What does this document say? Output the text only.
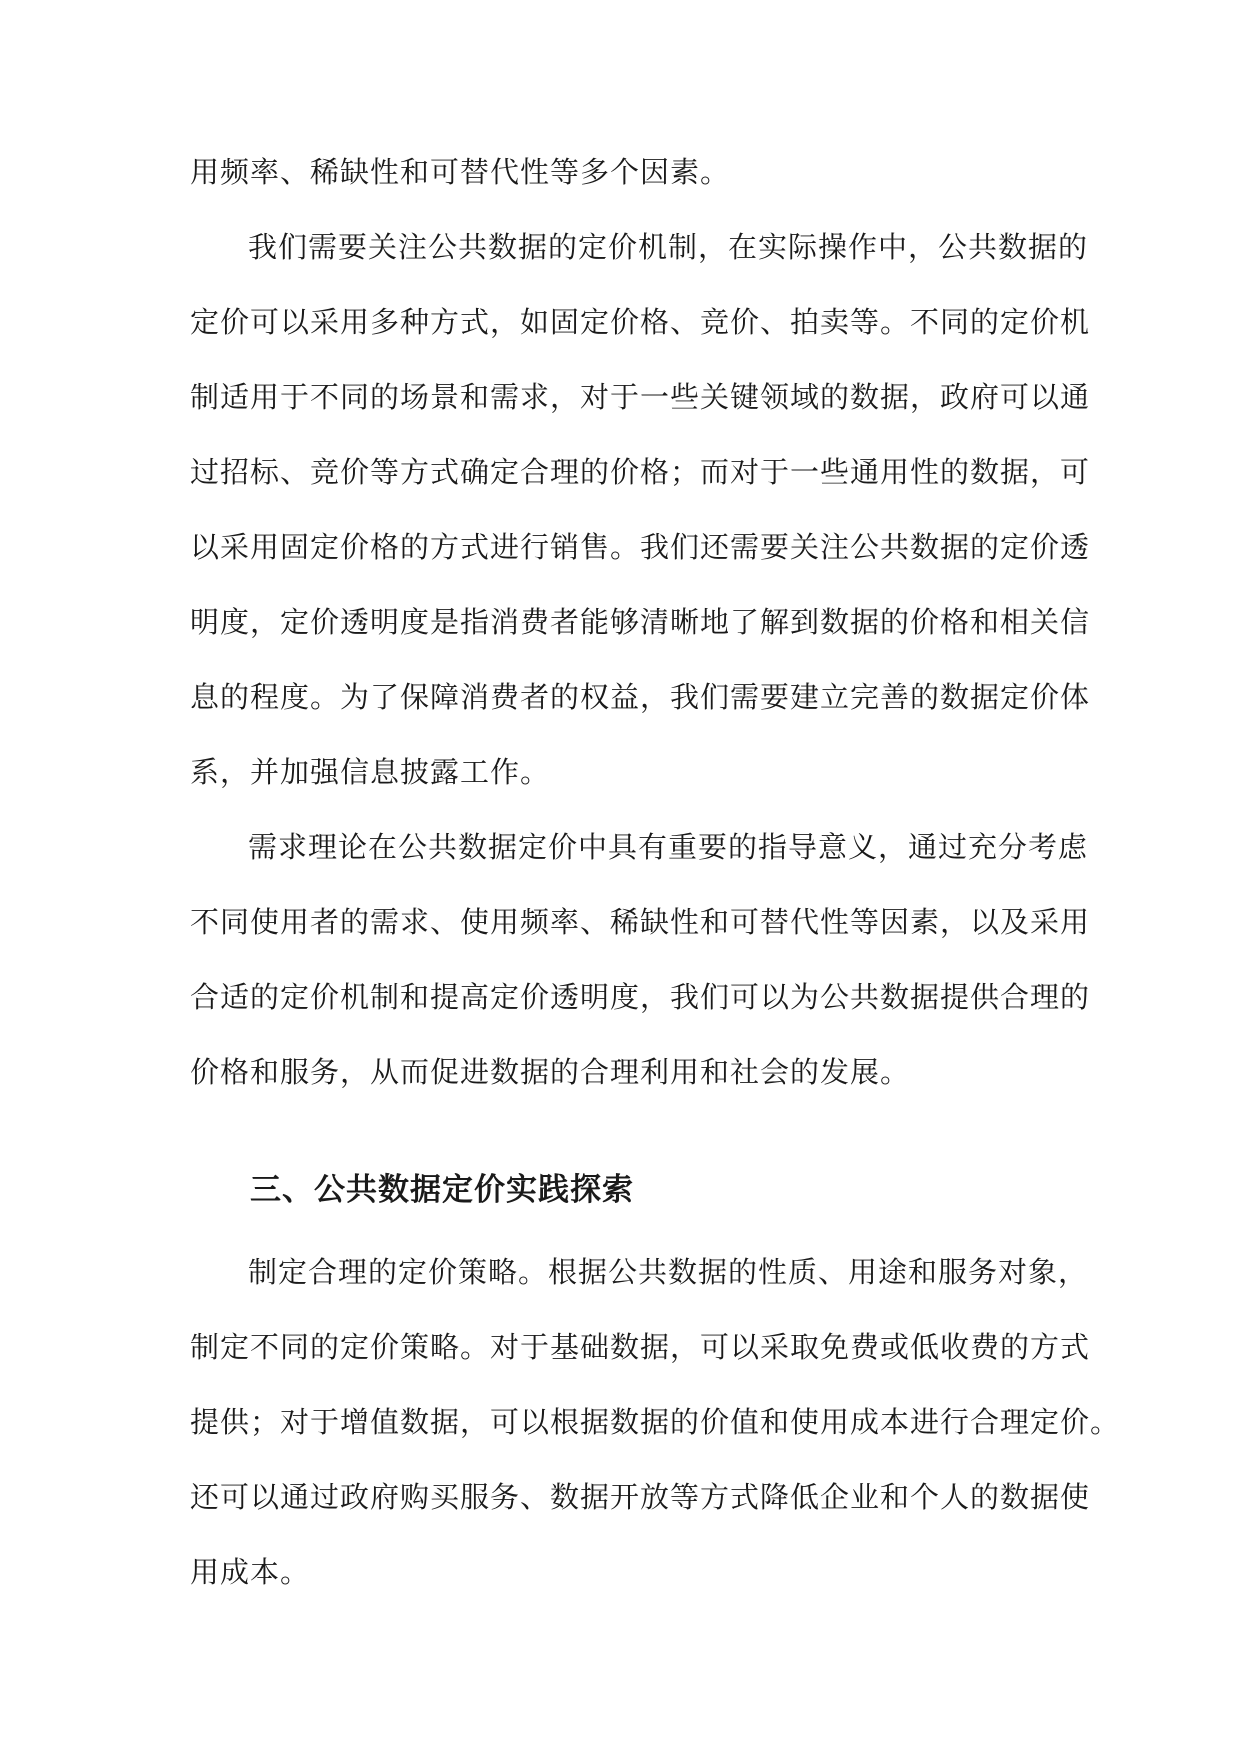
用频率、稀缺性和可替代性等多个因素。
我们需要关注公共数据的定价机制，在实际操作中，公共数据的
定价可以采用多种方式，如固定价格、竞价、拍卖等。不同的定价机
制适用于不同的场景和需求，对于一些关键领域的数据，政府可以通
过招标、竞价等方式确定合理的价格；而对于一些通用性的数据，可
以采用固定价格的方式进行销售。我们还需要关注公共数据的定价透
明度，定价透明度是指消费者能够清晰地了解到数据的价格和相关信
息的程度。为了保障消费者的权益，我们需要建立完善的数据定价体
系，并加强信息披露工作。
需求理论在公共数据定价中具有重要的指导意义，通过充分考虑
不同使用者的需求、使用频率、稀缺性和可替代性等因素，以及采用
合适的定价机制和提高定价透明度，我们可以为公共数据提供合理的
价格和服务，从而促进数据的合理利用和社会的发展。
三、公共数据定价实践探索
制定合理的定价策略。根据公共数据的性质、用途和服务对象，
制定不同的定价策略。对于基础数据，可以采取免费或低收费的方式
提供；对于增值数据，可以根据数据的价值和使用成本进行合理定价。
还可以通过政府购买服务、数据开放等方式降低企业和个人的数据使
用成本。
